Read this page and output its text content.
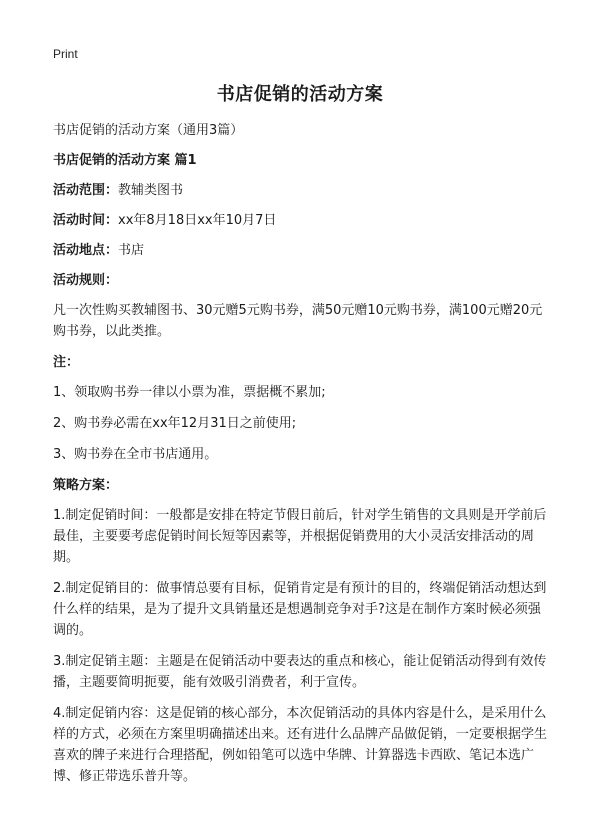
Print
书店促销的活动方案

书店促销的活动方案（通用3篇）

书店促销的活动方案 篇1

活动范围：教辅类图书

活动时间：xx年8月18日xx年10月7日

活动地点：书店

活动规则：

凡一次性购买教辅图书、30元赠5元购书券，满50元赠10元购书券，满100元赠20元购书券，以此类推。

注：

1、领取购书券一律以小票为准，票据概不累加;

2、购书券必需在xx年12月31日之前使用;

3、购书券在全市书店通用。

策略方案：

1.制定促销时间：一般都是安排在特定节假日前后，针对学生销售的文具则是开学前后最佳，主要要考虑促销时间长短等因素等，并根据促销费用的大小灵活安排活动的周期。

2.制定促销目的：做事情总要有目标，促销肯定是有预计的目的，终端促销活动想达到什么样的结果，是为了提升文具销量还是想遇制竞争对手?这是在制作方案时候必须强调的。

3.制定促销主题：主题是在促销活动中要表达的重点和核心，能让促销活动得到有效传播，主题要简明扼要，能有效吸引消费者，利于宣传。

4.制定促销内容：这是促销的核心部分，本次促销活动的具体内容是什么，是采用什么样的方式，必须在方案里明确描述出来。还有进什么品牌产品做促销，一定要根据学生喜欢的牌子来进行合理搭配，例如铅笔可以选中华牌、计算器选卡西欧、笔记本选广博、修正带选乐普升等。
